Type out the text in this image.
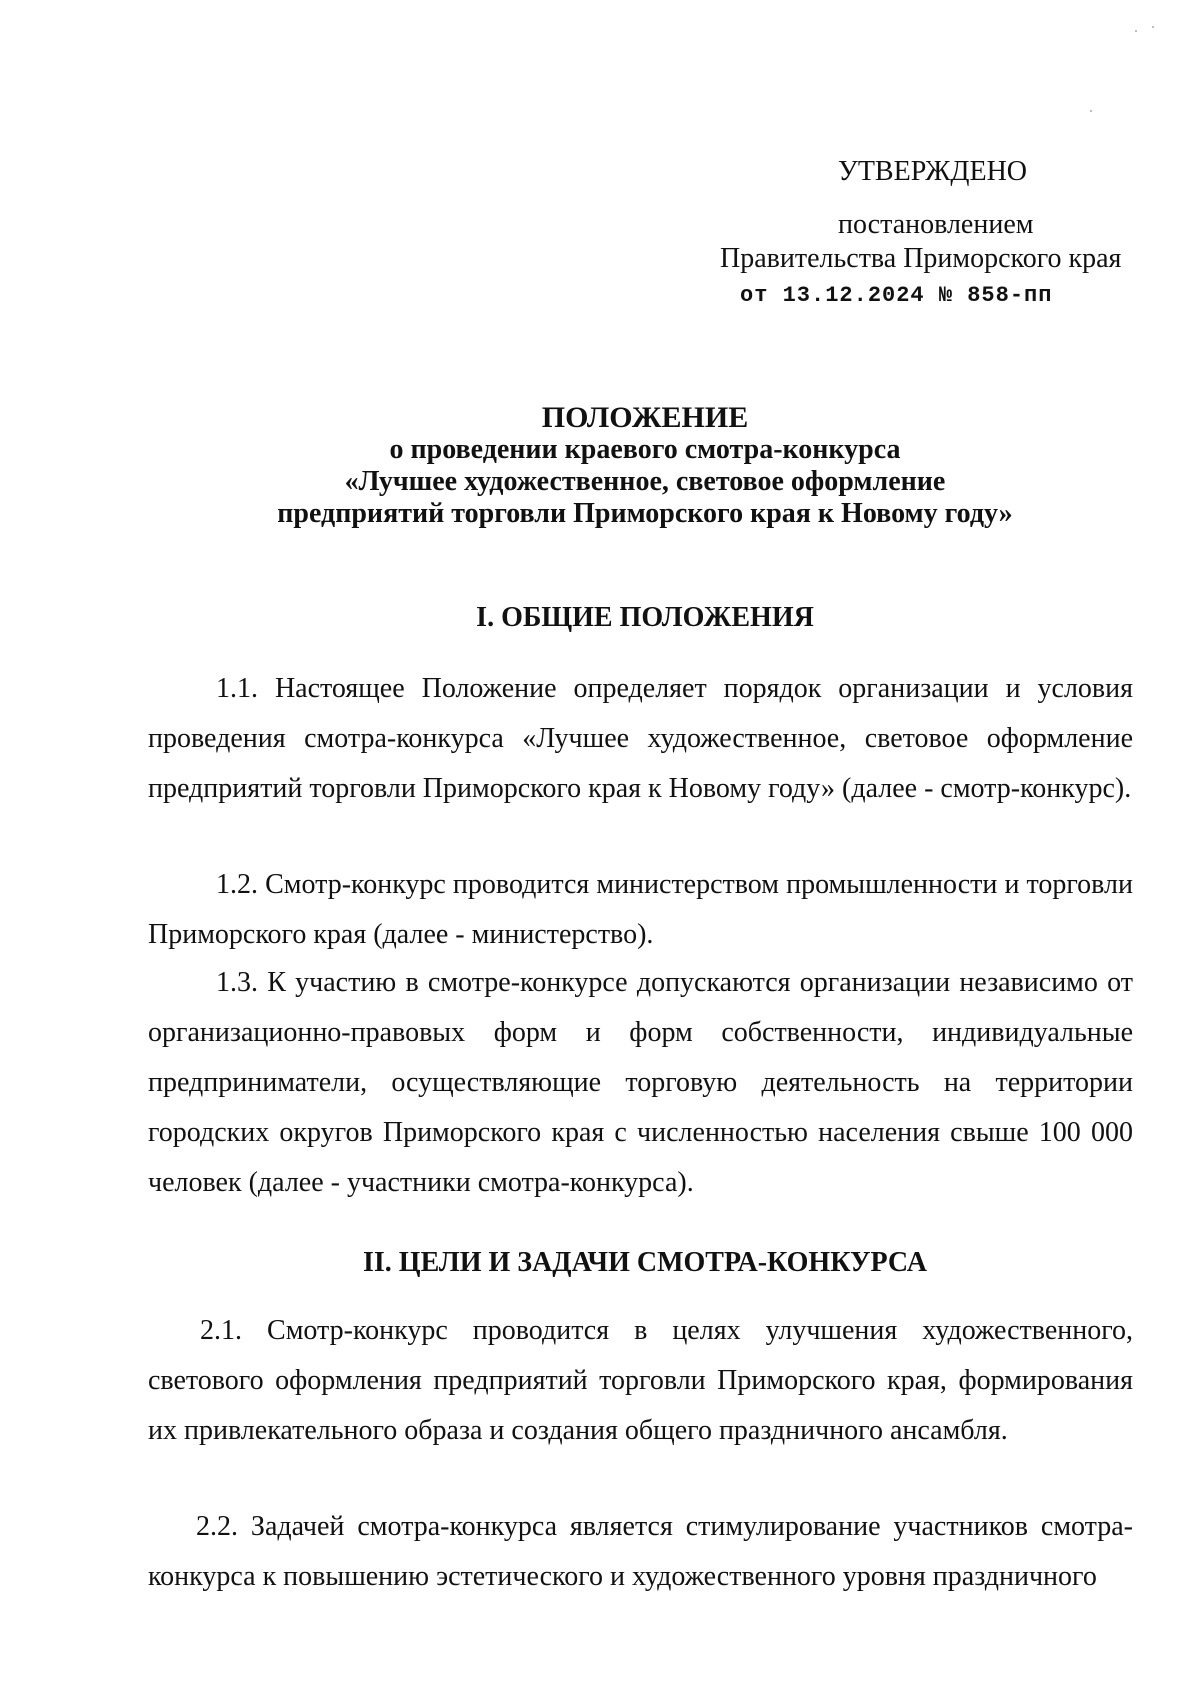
УТВЕРЖДЕНО
постановлением
Правительства Приморского края
от 13.12.2024 № 858-пп
ПОЛОЖЕНИЕ
о проведении краевого смотра-конкурса
«Лучшее художественное, световое оформление
предприятий торговли Приморского края к Новому году»
I. ОБЩИЕ ПОЛОЖЕНИЯ
1.1. Настоящее Положение определяет порядок организации и условия проведения смотра-конкурса «Лучшее художественное, световое оформление предприятий торговли Приморского края к Новому году» (далее - смотр-конкурс).
1.2. Смотр-конкурс проводится министерством промышленности и торговли Приморского края (далее - министерство).
1.3. К участию в смотре-конкурсе допускаются организации независимо от организационно-правовых форм и форм собственности, индивидуальные предприниматели, осуществляющие торговую деятельность на территории городских округов Приморского края с численностью населения свыше 100 000 человек (далее - участники смотра-конкурса).
II. ЦЕЛИ И ЗАДАЧИ СМОТРА-КОНКУРСА
2.1. Смотр-конкурс проводится в целях улучшения художественного, светового оформления предприятий торговли Приморского края, формирования их привлекательного образа и создания общего праздничного ансамбля.
2.2. Задачей смотра-конкурса является стимулирование участников смотра-конкурса к повышению эстетического и художественного уровня праздничного
